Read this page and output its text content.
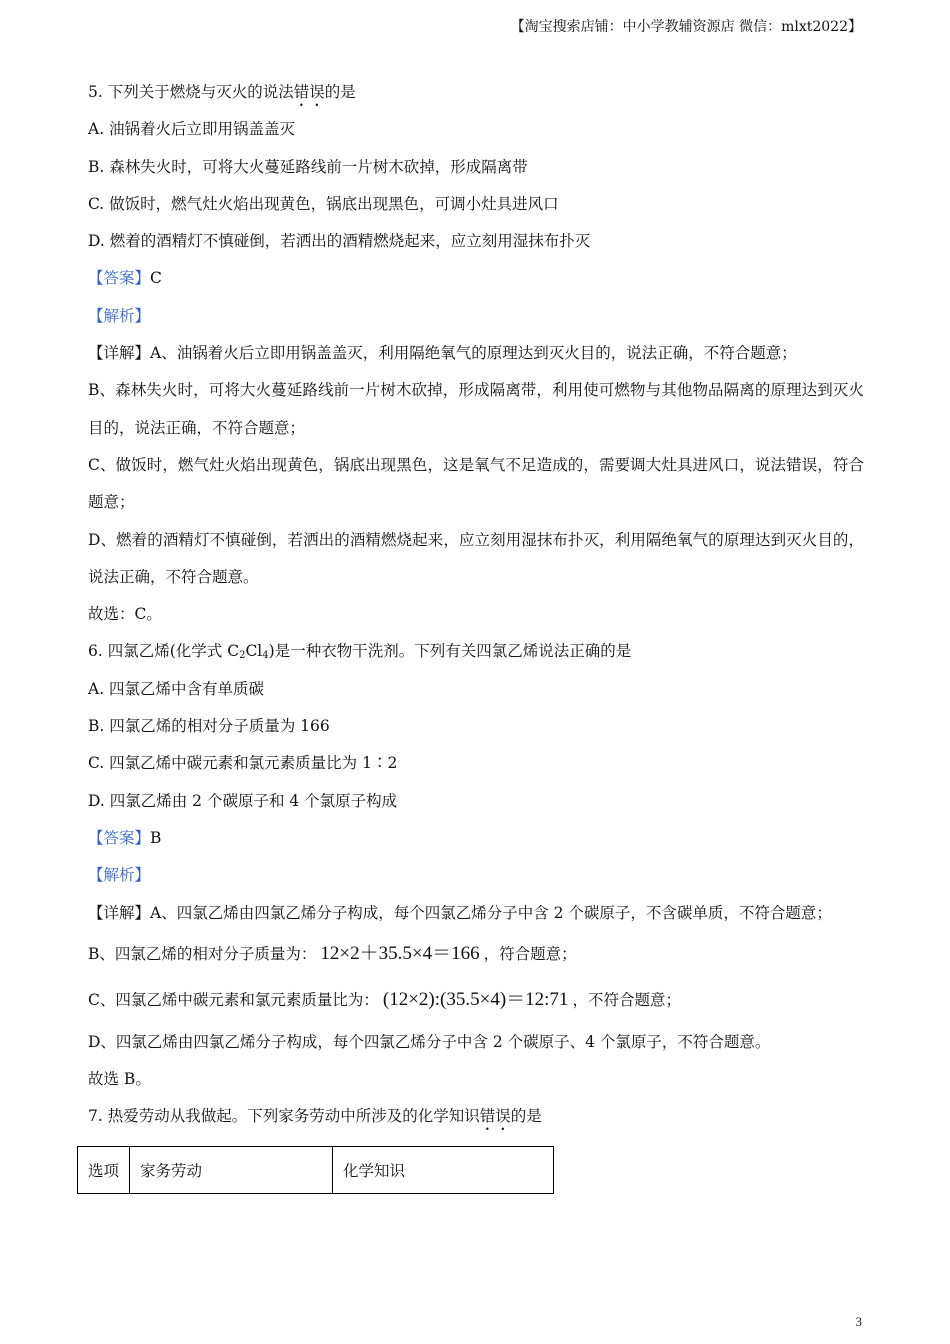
【淘宝搜索店铺：中小学教辅资源店 微信：mlxt2022】
5. 下列关于燃烧与灭火的说法错误的是
A. 油锅着火后立即用锅盖盖灭
B. 森林失火时，可将大火蔓延路线前一片树木砍掉，形成隔离带
C. 做饭时，燃气灶火焰出现黄色，锅底出现黑色，可调小灶具进风口
D. 燃着的酒精灯不慎碰倒，若洒出的酒精燃烧起来，应立刻用湿抹布扑灭
【答案】C
【解析】
【详解】A、油锅着火后立即用锅盖盖灭，利用隔绝氧气的原理达到灭火目的，说法正确，不符合题意；
B、森林失火时，可将大火蔓延路线前一片树木砍掉，形成隔离带，利用使可燃物与其他物品隔离的原理达到灭火目的，说法正确，不符合题意；
C、做饭时，燃气灶火焰出现黄色，锅底出现黑色，这是氧气不足造成的，需要调大灶具进风口，说法错误，符合题意；
D、燃着的酒精灯不慎碰倒，若洒出的酒精燃烧起来，应立刻用湿抹布扑灭，利用隔绝氧气的原理达到灭火目的，说法正确，不符合题意。
故选：C。
6. 四氯乙烯(化学式 $C_2Cl_4$)是一种衣物干洗剂。下列有关四氯乙烯说法正确的是
A. 四氯乙烯中含有单质碳
B. 四氯乙烯的相对分子质量为 166
C. 四氯乙烯中碳元素和氯元素质量比为 1∶2
D. 四氯乙烯由 2 个碳原子和 4 个氯原子构成
【答案】B
【解析】
【详解】A、四氯乙烯由四氯乙烯分子构成，每个四氯乙烯分子中含 2 个碳原子，不含碳单质，不符合题意；
B、四氯乙烯的相对分子质量为： 12×2＋35.5×4＝166 ，符合题意；
C、四氯乙烯中碳元素和氯元素质量比为： (12×2):(35.5×4)＝12:71 ，不符合题意；
D、四氯乙烯由四氯乙烯分子构成，每个四氯乙烯分子中含 2 个碳原子、4 个氯原子，不符合题意。
故选 B。
7. 热爱劳动从我做起。下列家务劳动中所涉及的化学知识错误的是
选项	家务劳动	化学知识
3
